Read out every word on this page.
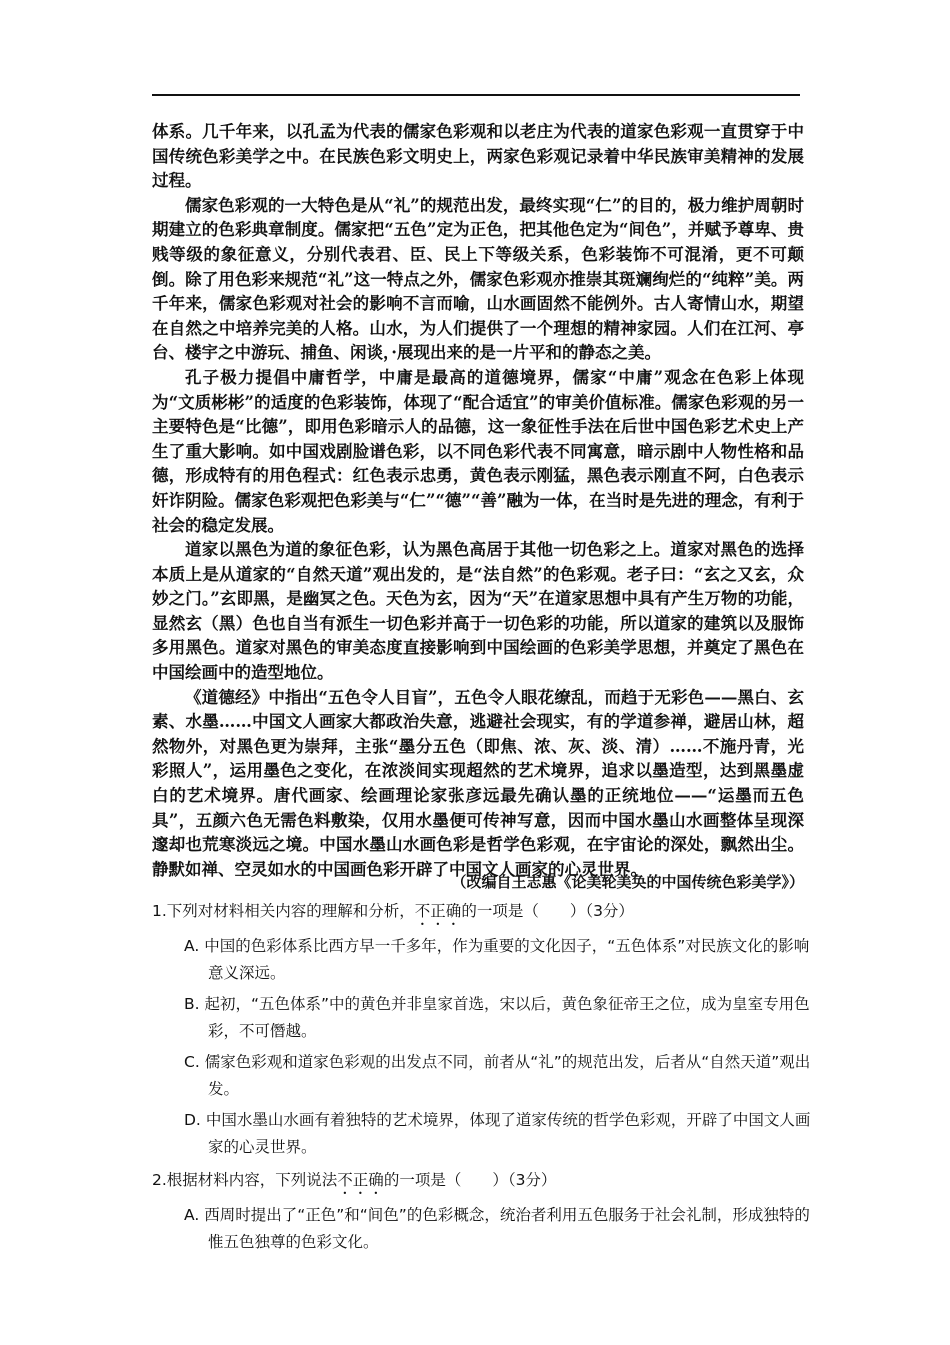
体系。几千年来，以孔孟为代表的儒家色彩观和以老庄为代表的道家色彩观一直贯穿于中国传统色彩美学之中。在民族色彩文明史上，两家色彩观记录着中华民族审美精神的发展过程。

儒家色彩观的一大特色是从“礼”的规范出发，最终实现“仁”的目的，极力维护周朝时期建立的色彩典章制度。儒家把“五色”定为正色，把其他色定为“间色”，并赋予尊卑、贵贱等级的象征意义，分别代表君、臣、民上下等级关系，色彩装饰不可混淆，更不可颠倒。除了用色彩来规范“礼”这一特点之外，儒家色彩观亦推崇其斑斓绚烂的“纯粹”美。两千年来，儒家色彩观对社会的影响不言而喻，山水画固然不能例外。古人寄情山水，期望在自然之中培养完美的人格。山水，为人们提供了一个理想的精神家园。人们在江河、亭台、楼宇之中游玩、捕鱼、闲谈，·展现出来的是一片平和的静态之美。

孔子极力提倡中庸哲学，中庸是最高的道德境界，儒家“中庸”观念在色彩上体现为“文质彬彬”的适度的色彩装饰，体现了“配合适宜”的审美价值标准。儒家色彩观的另一主要特色是“比德”，即用色彩暗示人的品德，这一象征性手法在后世中国色彩艺术史上产生了重大影响。如中国戏剧脸谱色彩，以不同色彩代表不同寓意，暗示剧中人物性格和品德，形成特有的用色程式：红色表示忠勇，黄色表示刚猛，黑色表示刚直不阿，白色表示奸诈阴险。儒家色彩观把色彩美与“仁”“德”“善”融为一体，在当时是先进的理念，有利于社会的稳定发展。

道家以黑色为道的象征色彩，认为黑色高居于其他一切色彩之上。道家对黑色的选择本质上是从道家的“自然天道”观出发的，是“法自然”的色彩观。老子曰：“玄之又玄，众妙之门。”玄即黑，是幽冥之色。天色为玄，因为“天”在道家思想中具有产生万物的功能，显然玄（黑）色也自当有派生一切色彩并高于一切色彩的功能，所以道家的建筑以及服饰多用黑色。道家对黑色的审美态度直接影响到中国绘画的色彩美学思想，并奠定了黑色在中国绘画中的造型地位。

《道德经》中指出“五色令人目盲”，五色令人眼花缭乱，而趋于无彩色——黑白、玄素、水墨……中国文人画家大都政治失意，逃避社会现实，有的学道参禅，避居山林，超然物外，对黑色更为崇拜，主张“墨分五色（即焦、浓、灰、淡、清）……不施丹青，光彩照人”，运用墨色之变化，在浓淡间实现超然的艺术境界，追求以墨造型，达到黑墨虚白的艺术境界。唐代画家、绘画理论家张彦远最先确认墨的正统地位——“运墨而五色具”，五颜六色无需色料敷染，仅用水墨便可传神写意，因而中国水墨山水画整体呈现深邃却也荒寒淡远之境。中国水墨山水画色彩是哲学色彩观，在宇宙论的深处，飘然出尘。静默如禅、空灵如水的中国画色彩开辟了中国文人画家的心灵世界。

（改编自王志惠《论美轮美奂的中国传统色彩美学》）

1.下列对材料相关内容的理解和分析，不正确的一项是（　　）（3分）

A. 中国的色彩体系比西方早一千多年，作为重要的文化因子，“五色体系”对民族文化的影响意义深远。

B. 起初，“五色体系”中的黄色并非皇家首选，宋以后，黄色象征帝王之位，成为皇室专用色彩，不可僭越。

C. 儒家色彩观和道家色彩观的出发点不同，前者从“礼”的规范出发，后者从“自然天道”观出发。

D. 中国水墨山水画有着独特的艺术境界，体现了道家传统的哲学色彩观，开辟了中国文人画家的心灵世界。

2.根据材料内容，下列说法不正确的一项是（　　）（3分）

A. 西周时提出了“正色”和“间色”的色彩概念，统治者利用五色服务于社会礼制，形成独特的惟五色独尊的色彩文化。
